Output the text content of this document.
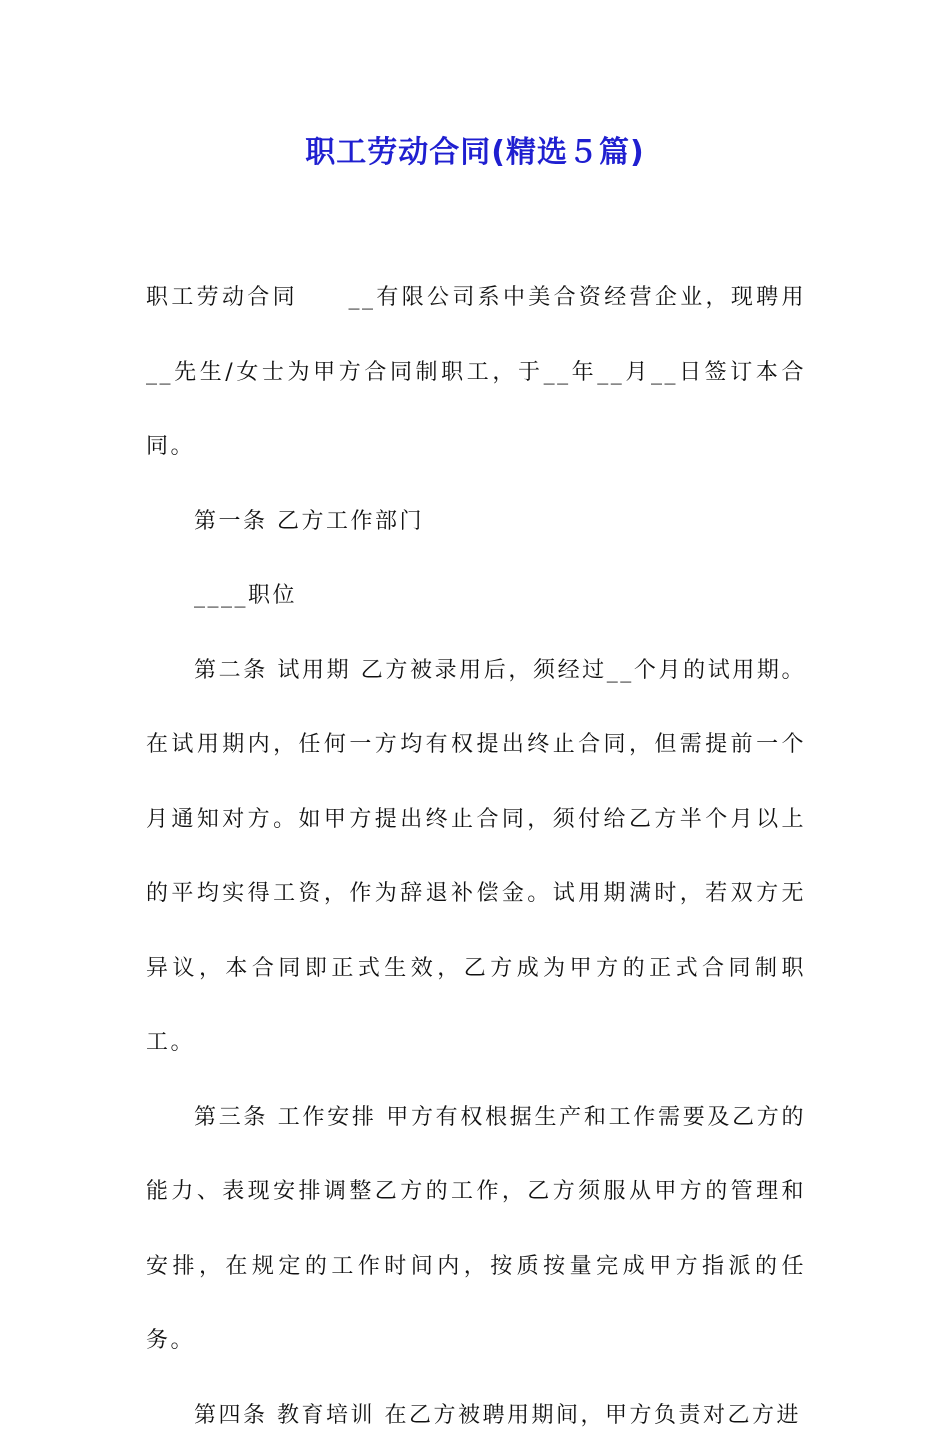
职工劳动合同(精选５篇)

职工劳动合同　　__有限公司系中美合资经营企业，现聘用__先生/女士为甲方合同制职工，于__年__月__日签订本合同。

第一条 乙方工作部门

____职位

第二条 试用期 乙方被录用后，须经过__个月的试用期。在试用期内，任何一方均有权提出终止合同，但需提前一个月通知对方。如甲方提出终止合同，须付给乙方半个月以上的平均实得工资，作为辞退补偿金。试用期满时，若双方无异议，本合同即正式生效，乙方成为甲方的正式合同制职工。

第三条 工作安排 甲方有权根据生产和工作需要及乙方的能力、表现安排调整乙方的工作，乙方须服从甲方的管理和安排，在规定的工作时间内，按质按量完成甲方指派的任务。

第四条 教育培训 在乙方被聘用期间，甲方负责对乙方进
